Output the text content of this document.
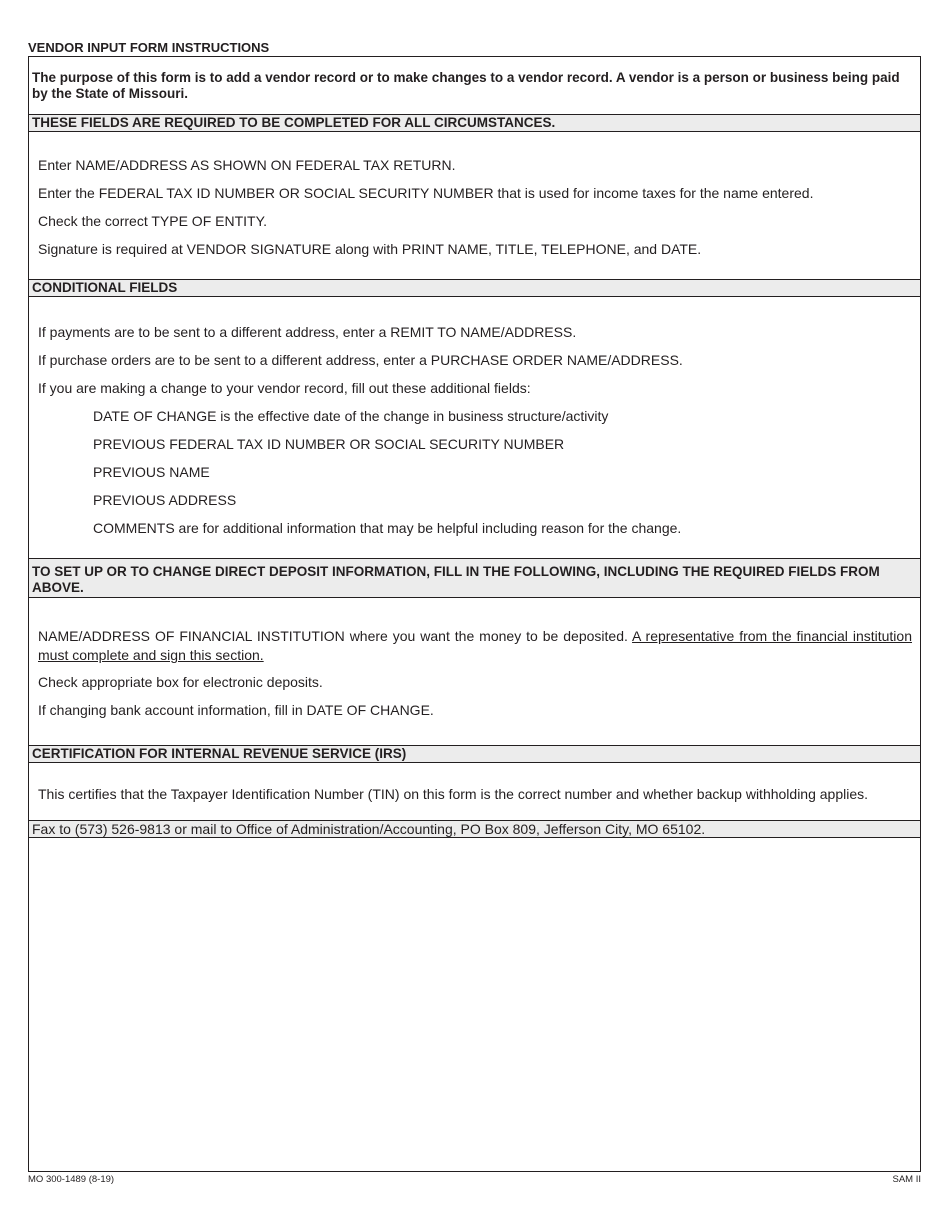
VENDOR INPUT FORM INSTRUCTIONS
The purpose of this form is to add a vendor record or to make changes to a vendor record. A vendor is a person or business being paid by the State of Missouri.
THESE FIELDS ARE REQUIRED TO BE COMPLETED FOR ALL CIRCUMSTANCES.
Enter NAME/ADDRESS AS SHOWN ON FEDERAL TAX RETURN.
Enter the FEDERAL TAX ID NUMBER OR SOCIAL SECURITY NUMBER that is used for income taxes for the name entered.
Check the correct TYPE OF ENTITY.
Signature is required at VENDOR SIGNATURE along with PRINT NAME, TITLE, TELEPHONE, and DATE.
CONDITIONAL FIELDS
If payments are to be sent to a different address, enter a REMIT TO NAME/ADDRESS.
If purchase orders are to be sent to a different address, enter a PURCHASE ORDER NAME/ADDRESS.
If you are making a change to your vendor record, fill out these additional fields:
DATE OF CHANGE is the effective date of the change in business structure/activity
PREVIOUS FEDERAL TAX ID NUMBER OR SOCIAL SECURITY NUMBER
PREVIOUS NAME
PREVIOUS ADDRESS
COMMENTS are for additional information that may be helpful including reason for the change.
TO SET UP OR TO CHANGE DIRECT DEPOSIT INFORMATION, FILL IN THE FOLLOWING, INCLUDING THE REQUIRED FIELDS FROM ABOVE.
NAME/ADDRESS OF FINANCIAL INSTITUTION where you want the money to be deposited. A representative from the financial institution must complete and sign this section.
Check appropriate box for electronic deposits.
If changing bank account information, fill in DATE OF CHANGE.
CERTIFICATION FOR INTERNAL REVENUE SERVICE (IRS)
This certifies that the Taxpayer Identification Number (TIN) on this form is the correct number and whether backup withholding applies.
Fax to (573) 526-9813 or mail to Office of Administration/Accounting, PO Box 809, Jefferson City, MO 65102.
MO 300-1489 (8-19)	SAM II
